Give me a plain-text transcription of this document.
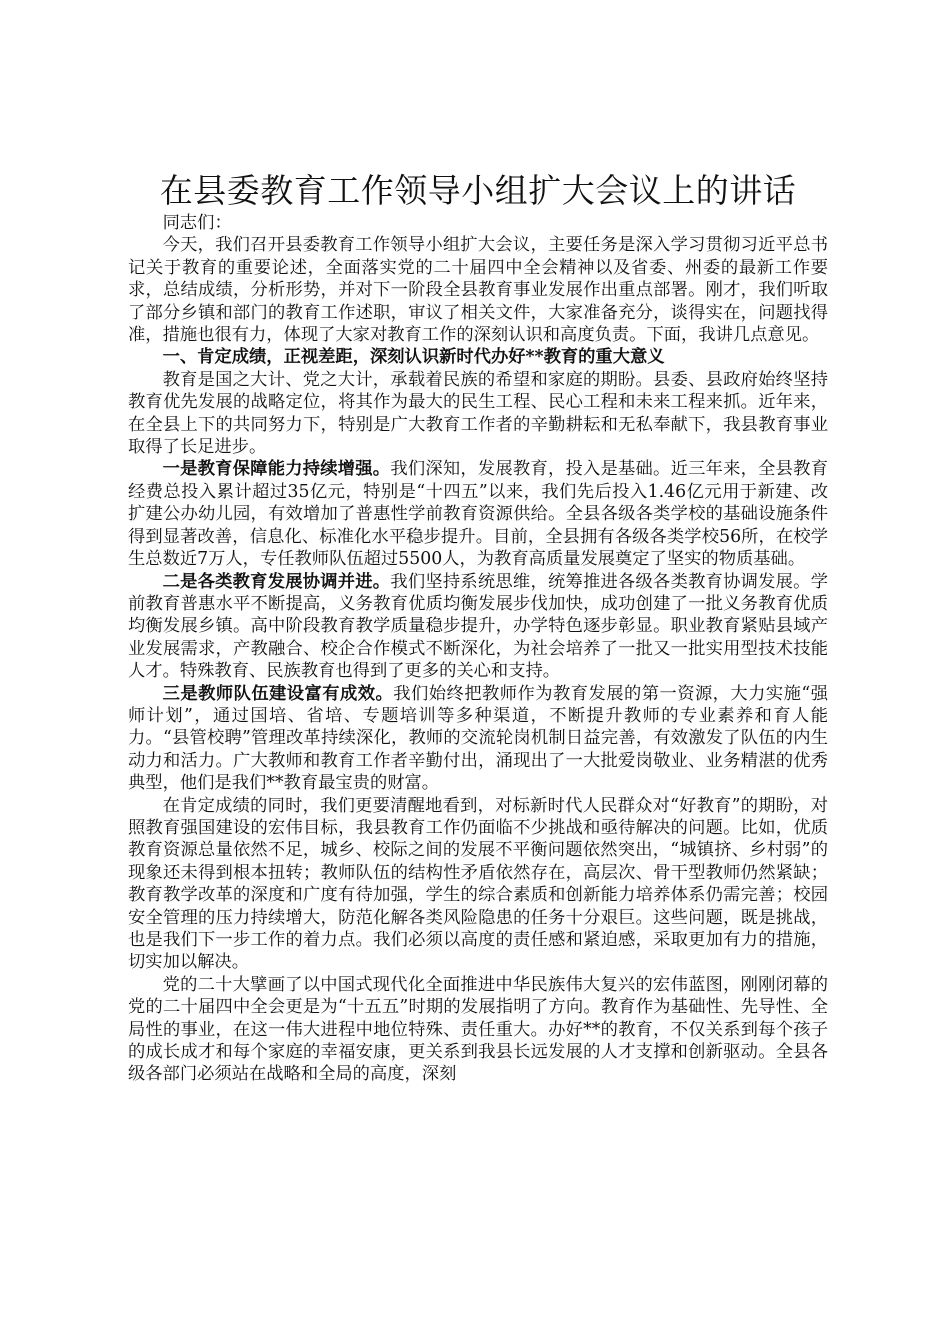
在县委教育工作领导小组扩大会议上的讲话

同志们：

今天，我们召开县委教育工作领导小组扩大会议，主要任务是深入学习贯彻习近平总书记关于教育的重要论述，全面落实党的二十届四中全会精神以及省委、州委的最新工作要求，总结成绩，分析形势，并对下一阶段全县教育事业发展作出重点部署。刚才，我们听取了部分乡镇和部门的教育工作述职，审议了相关文件，大家准备充分，谈得实在，问题找得准，措施也很有力，体现了大家对教育工作的深刻认识和高度负责。下面，我讲几点意见。

一、肯定成绩，正视差距，深刻认识新时代办好**教育的重大意义

教育是国之大计、党之大计，承载着民族的希望和家庭的期盼。县委、县政府始终坚持教育优先发展的战略定位，将其作为最大的民生工程、民心工程和未来工程来抓。近年来，在全县上下的共同努力下，特别是广大教育工作者的辛勤耕耘和无私奉献下，我县教育事业取得了长足进步。

一是教育保障能力持续增强。我们深知，发展教育，投入是基础。近三年来，全县教育经费总投入累计超过35亿元，特别是“十四五”以来，我们先后投入1.46亿元用于新建、改扩建公办幼儿园，有效增加了普惠性学前教育资源供给。全县各级各类学校的基础设施条件得到显著改善，信息化、标准化水平稳步提升。目前，全县拥有各级各类学校56所，在校学生总数近7万人，专任教师队伍超过5500人，为教育高质量发展奠定了坚实的物质基础。

二是各类教育发展协调并进。我们坚持系统思维，统筹推进各级各类教育协调发展。学前教育普惠水平不断提高，义务教育优质均衡发展步伐加快，成功创建了一批义务教育优质均衡发展乡镇。高中阶段教育教学质量稳步提升，办学特色逐步彰显。职业教育紧贴县域产业发展需求，产教融合、校企合作模式不断深化，为社会培养了一批又一批实用型技术技能人才。特殊教育、民族教育也得到了更多的关心和支持。

三是教师队伍建设富有成效。我们始终把教师作为教育发展的第一资源，大力实施“强师计划”，通过国培、省培、专题培训等多种渠道，不断提升教师的专业素养和育人能力。“县管校聘”管理改革持续深化，教师的交流轮岗机制日益完善，有效激发了队伍的内生动力和活力。广大教师和教育工作者辛勤付出，涌现出了一大批爱岗敬业、业务精湛的优秀典型，他们是我们**教育最宝贵的财富。

在肯定成绩的同时，我们更要清醒地看到，对标新时代人民群众对“好教育”的期盼，对照教育强国建设的宏伟目标，我县教育工作仍面临不少挑战和亟待解决的问题。比如，优质教育资源总量依然不足，城乡、校际之间的发展不平衡问题依然突出，“城镇挤、乡村弱”的现象还未得到根本扭转；教师队伍的结构性矛盾依然存在，高层次、骨干型教师仍然紧缺；教育教学改革的深度和广度有待加强，学生的综合素质和创新能力培养体系仍需完善；校园安全管理的压力持续增大，防范化解各类风险隐患的任务十分艰巨。这些问题，既是挑战，也是我们下一步工作的着力点。我们必须以高度的责任感和紧迫感，采取更加有力的措施，切实加以解决。

党的二十大擘画了以中国式现代化全面推进中华民族伟大复兴的宏伟蓝图，刚刚闭幕的党的二十届四中全会更是为“十五五”时期的发展指明了方向。教育作为基础性、先导性、全局性的事业，在这一伟大进程中地位特殊、责任重大。办好**的教育，不仅关系到每个孩子的成长成才和每个家庭的幸福安康，更关系到我县长远发展的人才支撑和创新驱动。全县各级各部门必须站在战略和全局的高度，深刻
